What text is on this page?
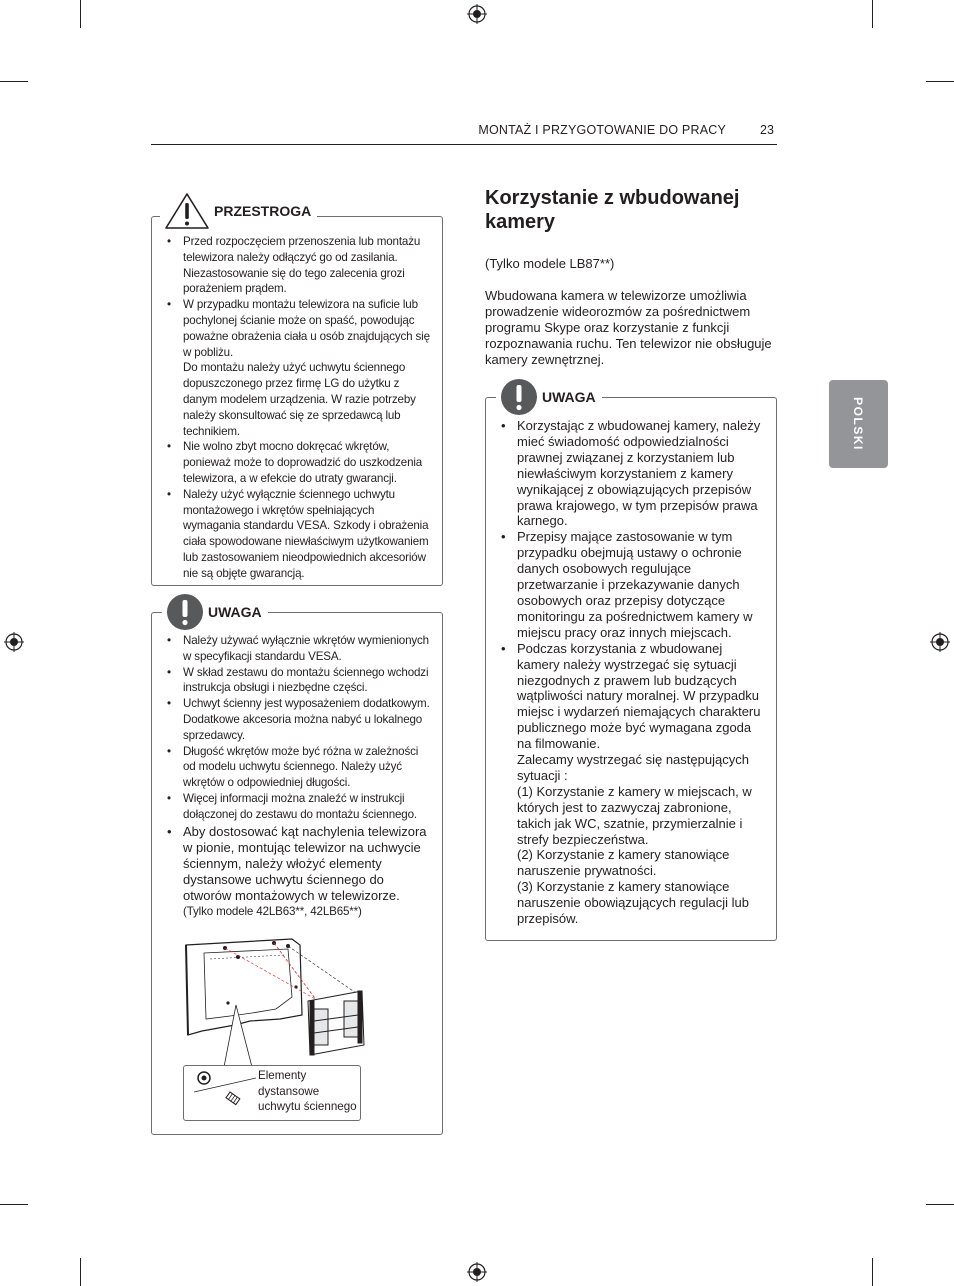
MONTAŻ I PRZYGOTOWANIE DO PRACY	23
POLSKI
PRZESTROGA
• Przed rozpoczęciem przenoszenia lub montażu telewizora należy odłączyć go od zasilania. Niezastosowanie się do tego zalecenia grozi porażeniem prądem.
• W przypadku montażu telewizora na suficie lub pochylonej ścianie może on spaść, powodując poważne obrażenia ciała u osób znajdujących się w pobliżu.
Do montażu należy użyć uchwytu ściennego dopuszczonego przez firmę LG do użytku z danym modelem urządzenia. W razie potrzeby należy skonsultować się ze sprzedawcą lub technikiem.
• Nie wolno zbyt mocno dokręcać wkrętów, ponieważ może to doprowadzić do uszkodzenia telewizora, a w efekcie do utraty gwarancji.
• Należy użyć wyłącznie ściennego uchwytu montażowego i wkrętów spełniających wymagania standardu VESA. Szkody i obrażenia ciała spowodowane niewłaściwym użytkowaniem lub zastosowaniem nieodpowiednich akcesoriów nie są objęte gwarancją.
UWAGA
• Należy używać wyłącznie wkrętów wymienionych w specyfikacji standardu VESA.
• W skład zestawu do montażu ściennego wchodzi instrukcja obsługi i niezbędne części.
• Uchwyt ścienny jest wyposażeniem dodatkowym. Dodatkowe akcesoria można nabyć u lokalnego sprzedawcy.
• Długość wkrętów może być różna w zależności od modelu uchwytu ściennego. Należy użyć wkrętów o odpowiedniej długości.
• Więcej informacji można znaleźć w instrukcji dołączonej do zestawu do montażu ściennego.
• Aby dostosować kąt nachylenia telewizora w pionie, montując telewizor na uchwycie ściennym, należy włożyć elementy dystansowe uchwytu ściennego do otworów montażowych w telewizorze.
(Tylko modele 42LB63**, 42LB65**)
Elementy dystansowe uchwytu ściennego
Korzystanie z wbudowanej kamery
(Tylko modele LB87**)
Wbudowana kamera w telewizorze umożliwia prowadzenie wideorozmów za pośrednictwem programu Skype oraz korzystanie z funkcji rozpoznawania ruchu. Ten telewizor nie obsługuje kamery zewnętrznej.
UWAGA
• Korzystając z wbudowanej kamery, należy mieć świadomość odpowiedzialności prawnej związanej z korzystaniem lub niewłaściwym korzystaniem z kamery wynikającej z obowiązujących przepisów prawa krajowego, w tym przepisów prawa karnego.
• Przepisy mające zastosowanie w tym przypadku obejmują ustawy o ochronie danych osobowych regulujące przetwarzanie i przekazywanie danych osobowych oraz przepisy dotyczące monitoringu za pośrednictwem kamery w miejscu pracy oraz innych miejscach.
• Podczas korzystania z wbudowanej kamery należy wystrzegać się sytuacji niezgodnych z prawem lub budzących wątpliwości natury moralnej. W przypadku miejsc i wydarzeń niemających charakteru publicznego może być wymagana zgoda na filmowanie.
Zalecamy wystrzegać się następujących sytuacji :
(1) Korzystanie z kamery w miejscach, w których jest to zazwyczaj zabronione, takich jak WC, szatnie, przymierzalnie i strefy bezpieczeństwa.
(2) Korzystanie z kamery stanowiące naruszenie prywatności.
(3) Korzystanie z kamery stanowiące naruszenie obowiązujących regulacji lub przepisów.
